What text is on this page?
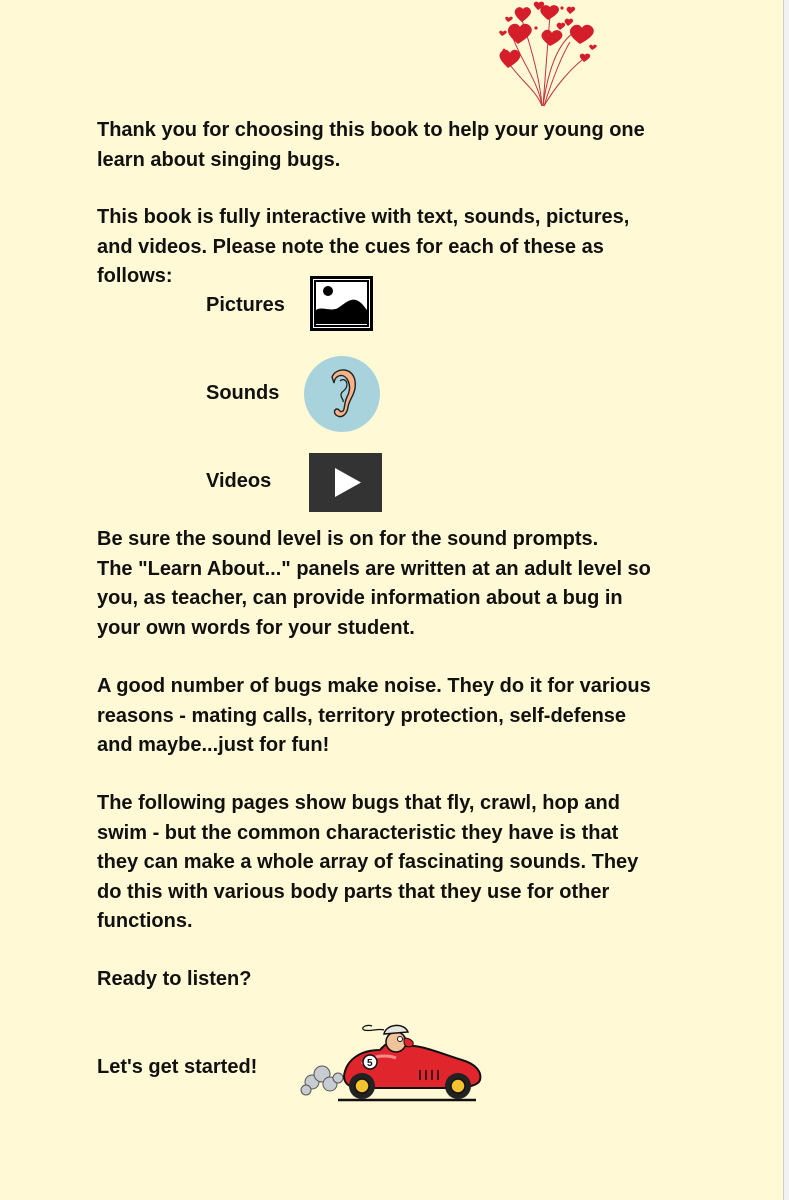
Thank you for choosing this book to help your young one
learn about singing bugs.
This book is fully interactive with text, sounds, pictures,
and videos. Please note the cues for each of these as
follows:
Pictures
Sounds
Videos
Be sure the sound level is on for the sound prompts.
The "Learn About..." panels are written at an adult level so
you, as teacher, can provide information about a bug in
your own words for your student.
A good number of bugs make noise. They do it for various
reasons - mating calls, territory protection, self-defense
and maybe...just for fun!
The following pages show bugs that fly, crawl, hop and
swim - but the common characteristic they have is that
they can make a whole array of fascinating sounds. They
do this with various body parts that they use for other
functions.
Ready to listen?
Let's get started!	5
